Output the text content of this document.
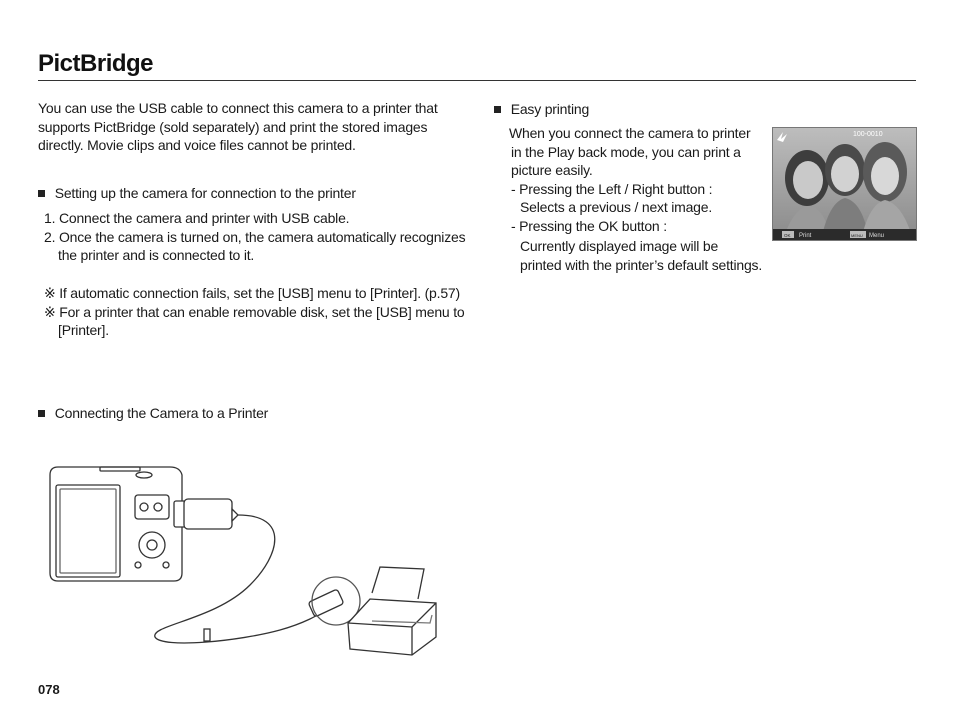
PictBridge
You can use the USB cable to connect this camera to a printer that
supports PictBridge (sold separately) and print the stored images
directly. Movie clips and voice files cannot be printed.
Setting up the camera for connection to the printer
1. Connect the camera and printer with USB cable.
2. Once the camera is turned on, the camera automatically recognizes
the printer and is connected to it.
※ If automatic connection fails, set the [USB] menu to [Printer]. (p.57)
※ For a printer that can enable removable disk, set the [USB] menu to
[Printer].
Connecting the Camera to a Printer
Easy printing
When you connect the camera to printer
in the Play back mode, you can print a
picture easily.
- Pressing the Left / Right button :
Selects a previous / next image.
- Pressing the OK button :
Currently displayed image will be
printed with the printer’s default settings.
100-0010
OK Print	MENU Menu
078
